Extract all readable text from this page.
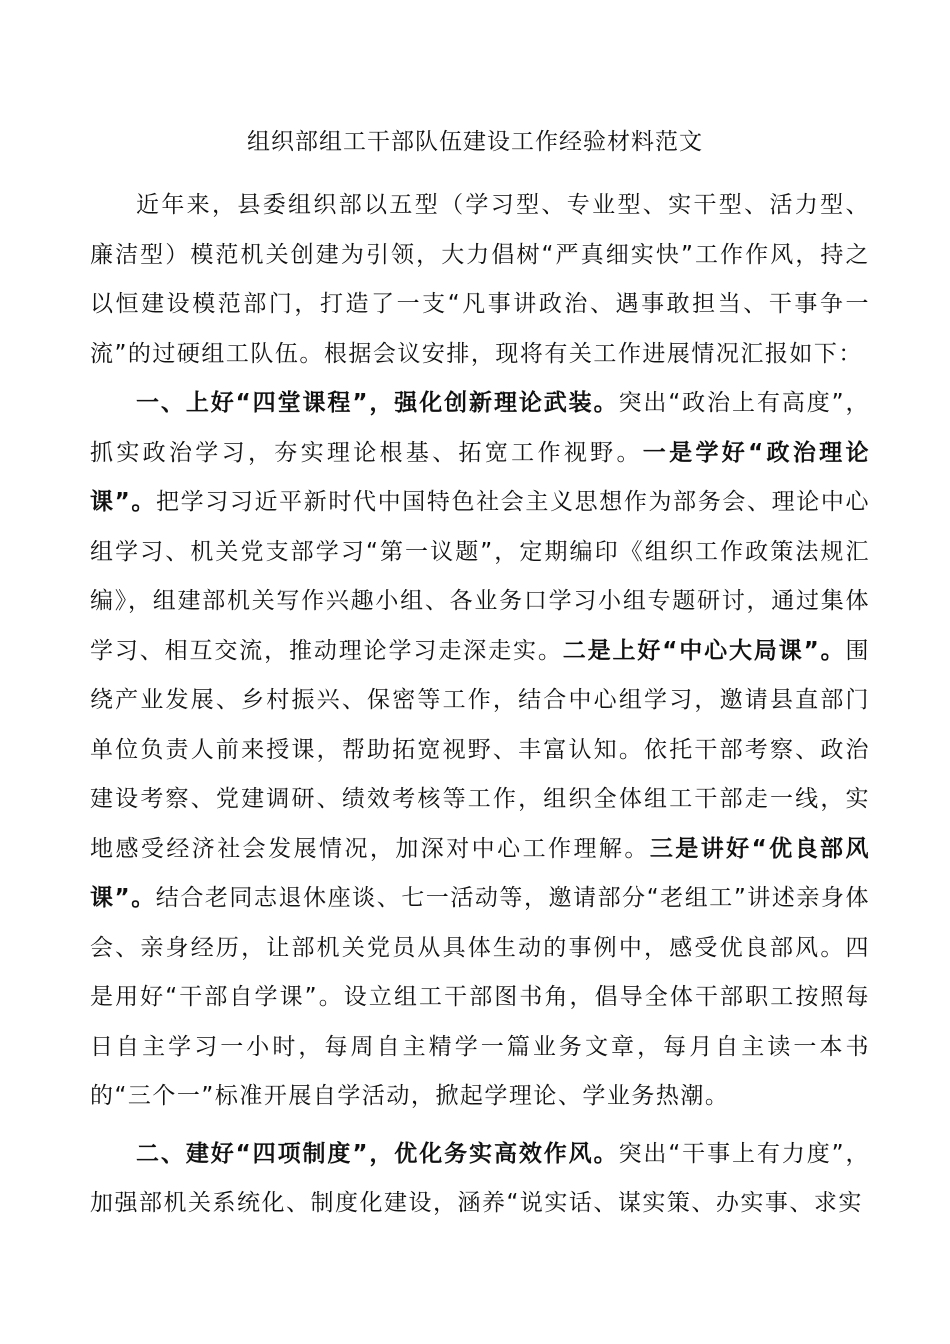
组织部组工干部队伍建设工作经验材料范文

近年来，县委组织部以五型（学习型、专业型、实干型、活力型、廉洁型）模范机关创建为引领，大力倡树“严真细实快”工作作风，持之以恒建设模范部门，打造了一支“凡事讲政治、遇事敢担当、干事争一流”的过硬组工队伍。根据会议安排，现将有关工作进展情况汇报如下：

一、上好“四堂课程”，强化创新理论武装。突出“政治上有高度”，抓实政治学习，夯实理论根基、拓宽工作视野。一是学好“政治理论课”。把学习习近平新时代中国特色社会主义思想作为部务会、理论中心组学习、机关党支部学习“第一议题”，定期编印《组织工作政策法规汇编》，组建部机关写作兴趣小组、各业务口学习小组专题研讨，通过集体学习、相互交流，推动理论学习走深走实。二是上好“中心大局课”。围绕产业发展、乡村振兴、保密等工作，结合中心组学习，邀请县直部门单位负责人前来授课，帮助拓宽视野、丰富认知。依托干部考察、政治建设考察、党建调研、绩效考核等工作，组织全体组工干部走一线，实地感受经济社会发展情况，加深对中心工作理解。三是讲好“优良部风课”。结合老同志退休座谈、七一活动等，邀请部分“老组工”讲述亲身体会、亲身经历，让部机关党员从具体生动的事例中，感受优良部风。四是用好“干部自学课”。设立组工干部图书角，倡导全体干部职工按照每日自主学习一小时，每周自主精学一篇业务文章，每月自主读一本书的“三个一”标准开展自学活动，掀起学理论、学业务热潮。

二、建好“四项制度”，优化务实高效作风。突出“干事上有力度”，加强部机关系统化、制度化建设，涵养“说实话、谋实策、办实事、求实
